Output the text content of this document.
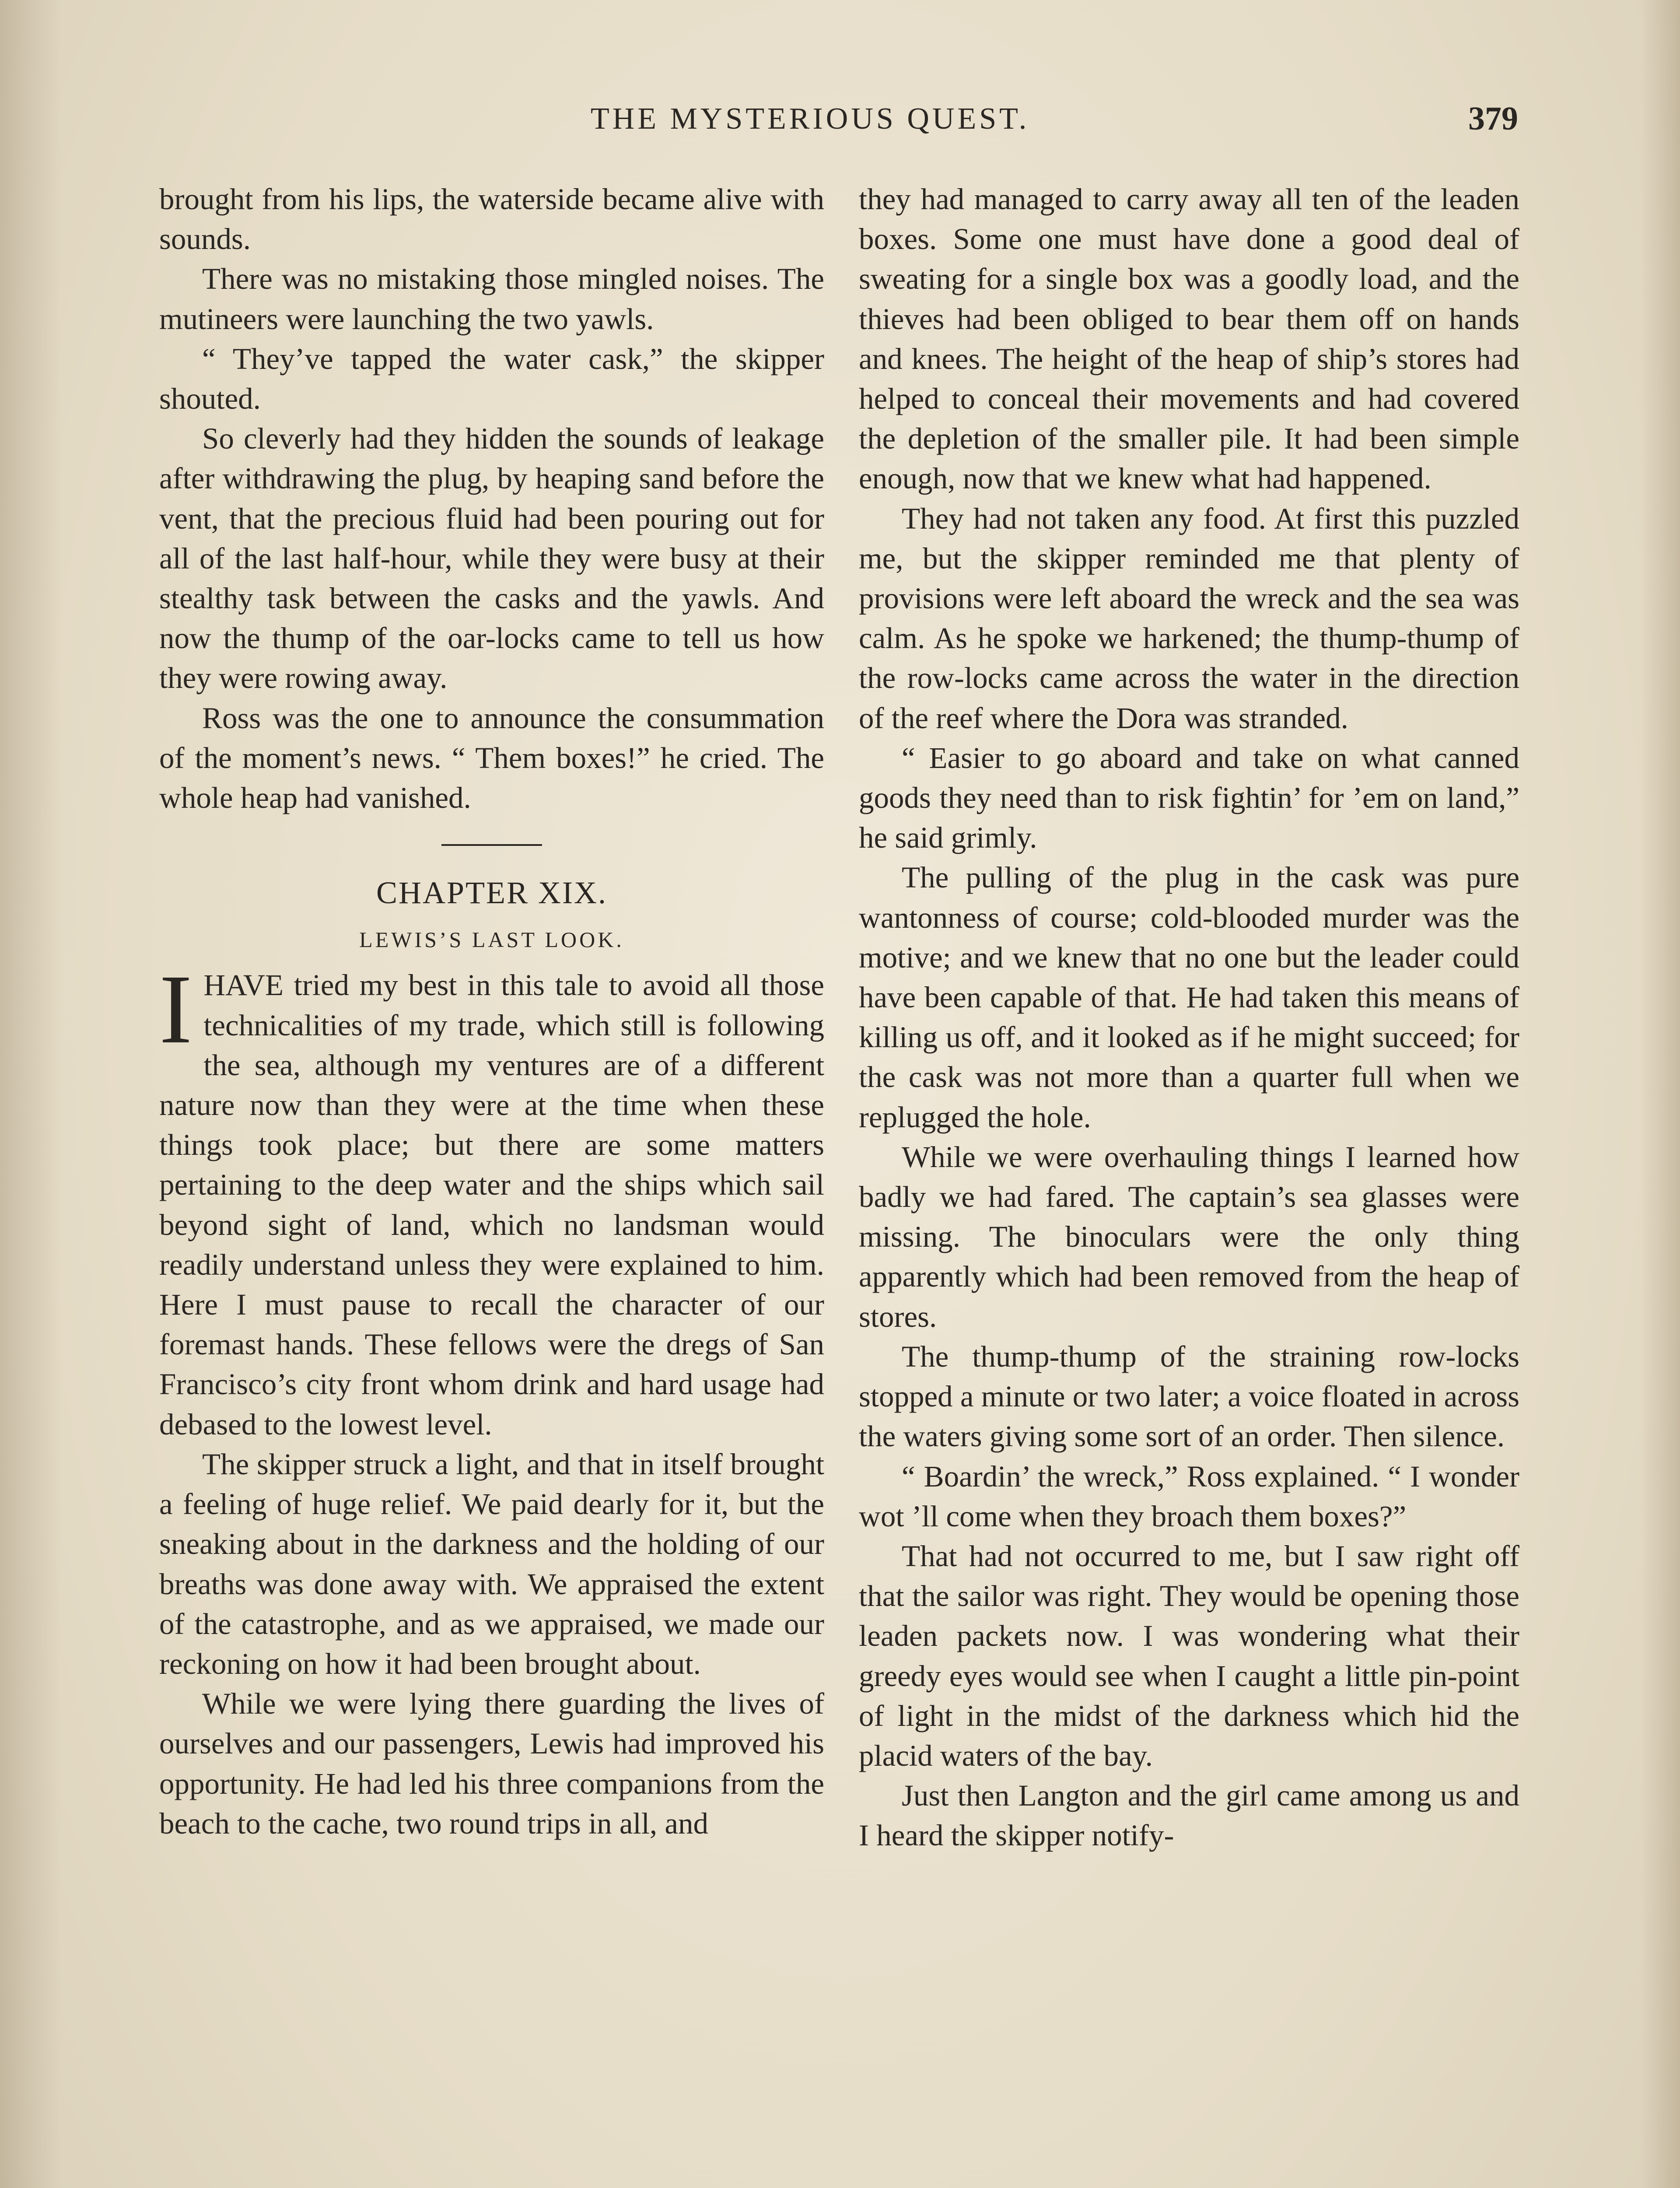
THE MYSTERIOUS QUEST.	379

brought from his lips, the waterside became alive with sounds.

There was no mistaking those mingled noises. The mutineers were launching the two yawls.

“ They’ve tapped the water cask,” the skipper shouted.

So cleverly had they hidden the sounds of leakage after withdrawing the plug, by heaping sand before the vent, that the precious fluid had been pouring out for all of the last half-hour, while they were busy at their stealthy task between the casks and the yawls. And now the thump of the oar-locks came to tell us how they were rowing away.

Ross was the one to announce the consummation of the moment’s news. “ Them boxes!” he cried. The whole heap had vanished.

CHAPTER XIX.
LEWIS’S LAST LOOK.

IHAVE tried my best in this tale to avoid all those technicalities of my trade, which still is following the sea, although my ventures are of a different nature now than they were at the time when these things took place; but there are some matters pertaining to the deep water and the ships which sail beyond sight of land, which no landsman would readily understand unless they were explained to him. Here I must pause to recall the character of our foremast hands. These fellows were the dregs of San Francisco’s city front whom drink and hard usage had debased to the lowest level.

The skipper struck a light, and that in itself brought a feeling of huge relief. We paid dearly for it, but the sneaking about in the darkness and the holding of our breaths was done away with. We appraised the extent of the catastrophe, and as we appraised, we made our reckoning on how it had been brought about.

While we were lying there guarding the lives of ourselves and our passengers, Lewis had improved his opportunity. He had led his three companions from the beach to the cache, two round trips in all, and

they had managed to carry away all ten of the leaden boxes. Some one must have done a good deal of sweating for a single box was a goodly load, and the thieves had been obliged to bear them off on hands and knees. The height of the heap of ship’s stores had helped to conceal their movements and had covered the depletion of the smaller pile. It had been simple enough, now that we knew what had happened.

They had not taken any food. At first this puzzled me, but the skipper reminded me that plenty of provisions were left aboard the wreck and the sea was calm. As he spoke we harkened; the thump-thump of the row-locks came across the water in the direction of the reef where the Dora was stranded.

“ Easier to go aboard and take on what canned goods they need than to risk fightin’ for ’em on land,” he said grimly.

The pulling of the plug in the cask was pure wantonness of course; cold-blooded murder was the motive; and we knew that no one but the leader could have been capable of that. He had taken this means of killing us off, and it looked as if he might succeed; for the cask was not more than a quarter full when we replugged the hole.

While we were overhauling things I learned how badly we had fared. The captain’s sea glasses were missing. The binoculars were the only thing apparently which had been removed from the heap of stores.

The thump-thump of the straining row-locks stopped a minute or two later; a voice floated in across the waters giving some sort of an order. Then silence.

“ Boardin’ the wreck,” Ross explained. “ I wonder wot ’ll come when they broach them boxes?”

That had not occurred to me, but I saw right off that the sailor was right. They would be opening those leaden packets now. I was wondering what their greedy eyes would see when I caught a little pin-point of light in the midst of the darkness which hid the placid waters of the bay.

Just then Langton and the girl came among us and I heard the skipper notify-
